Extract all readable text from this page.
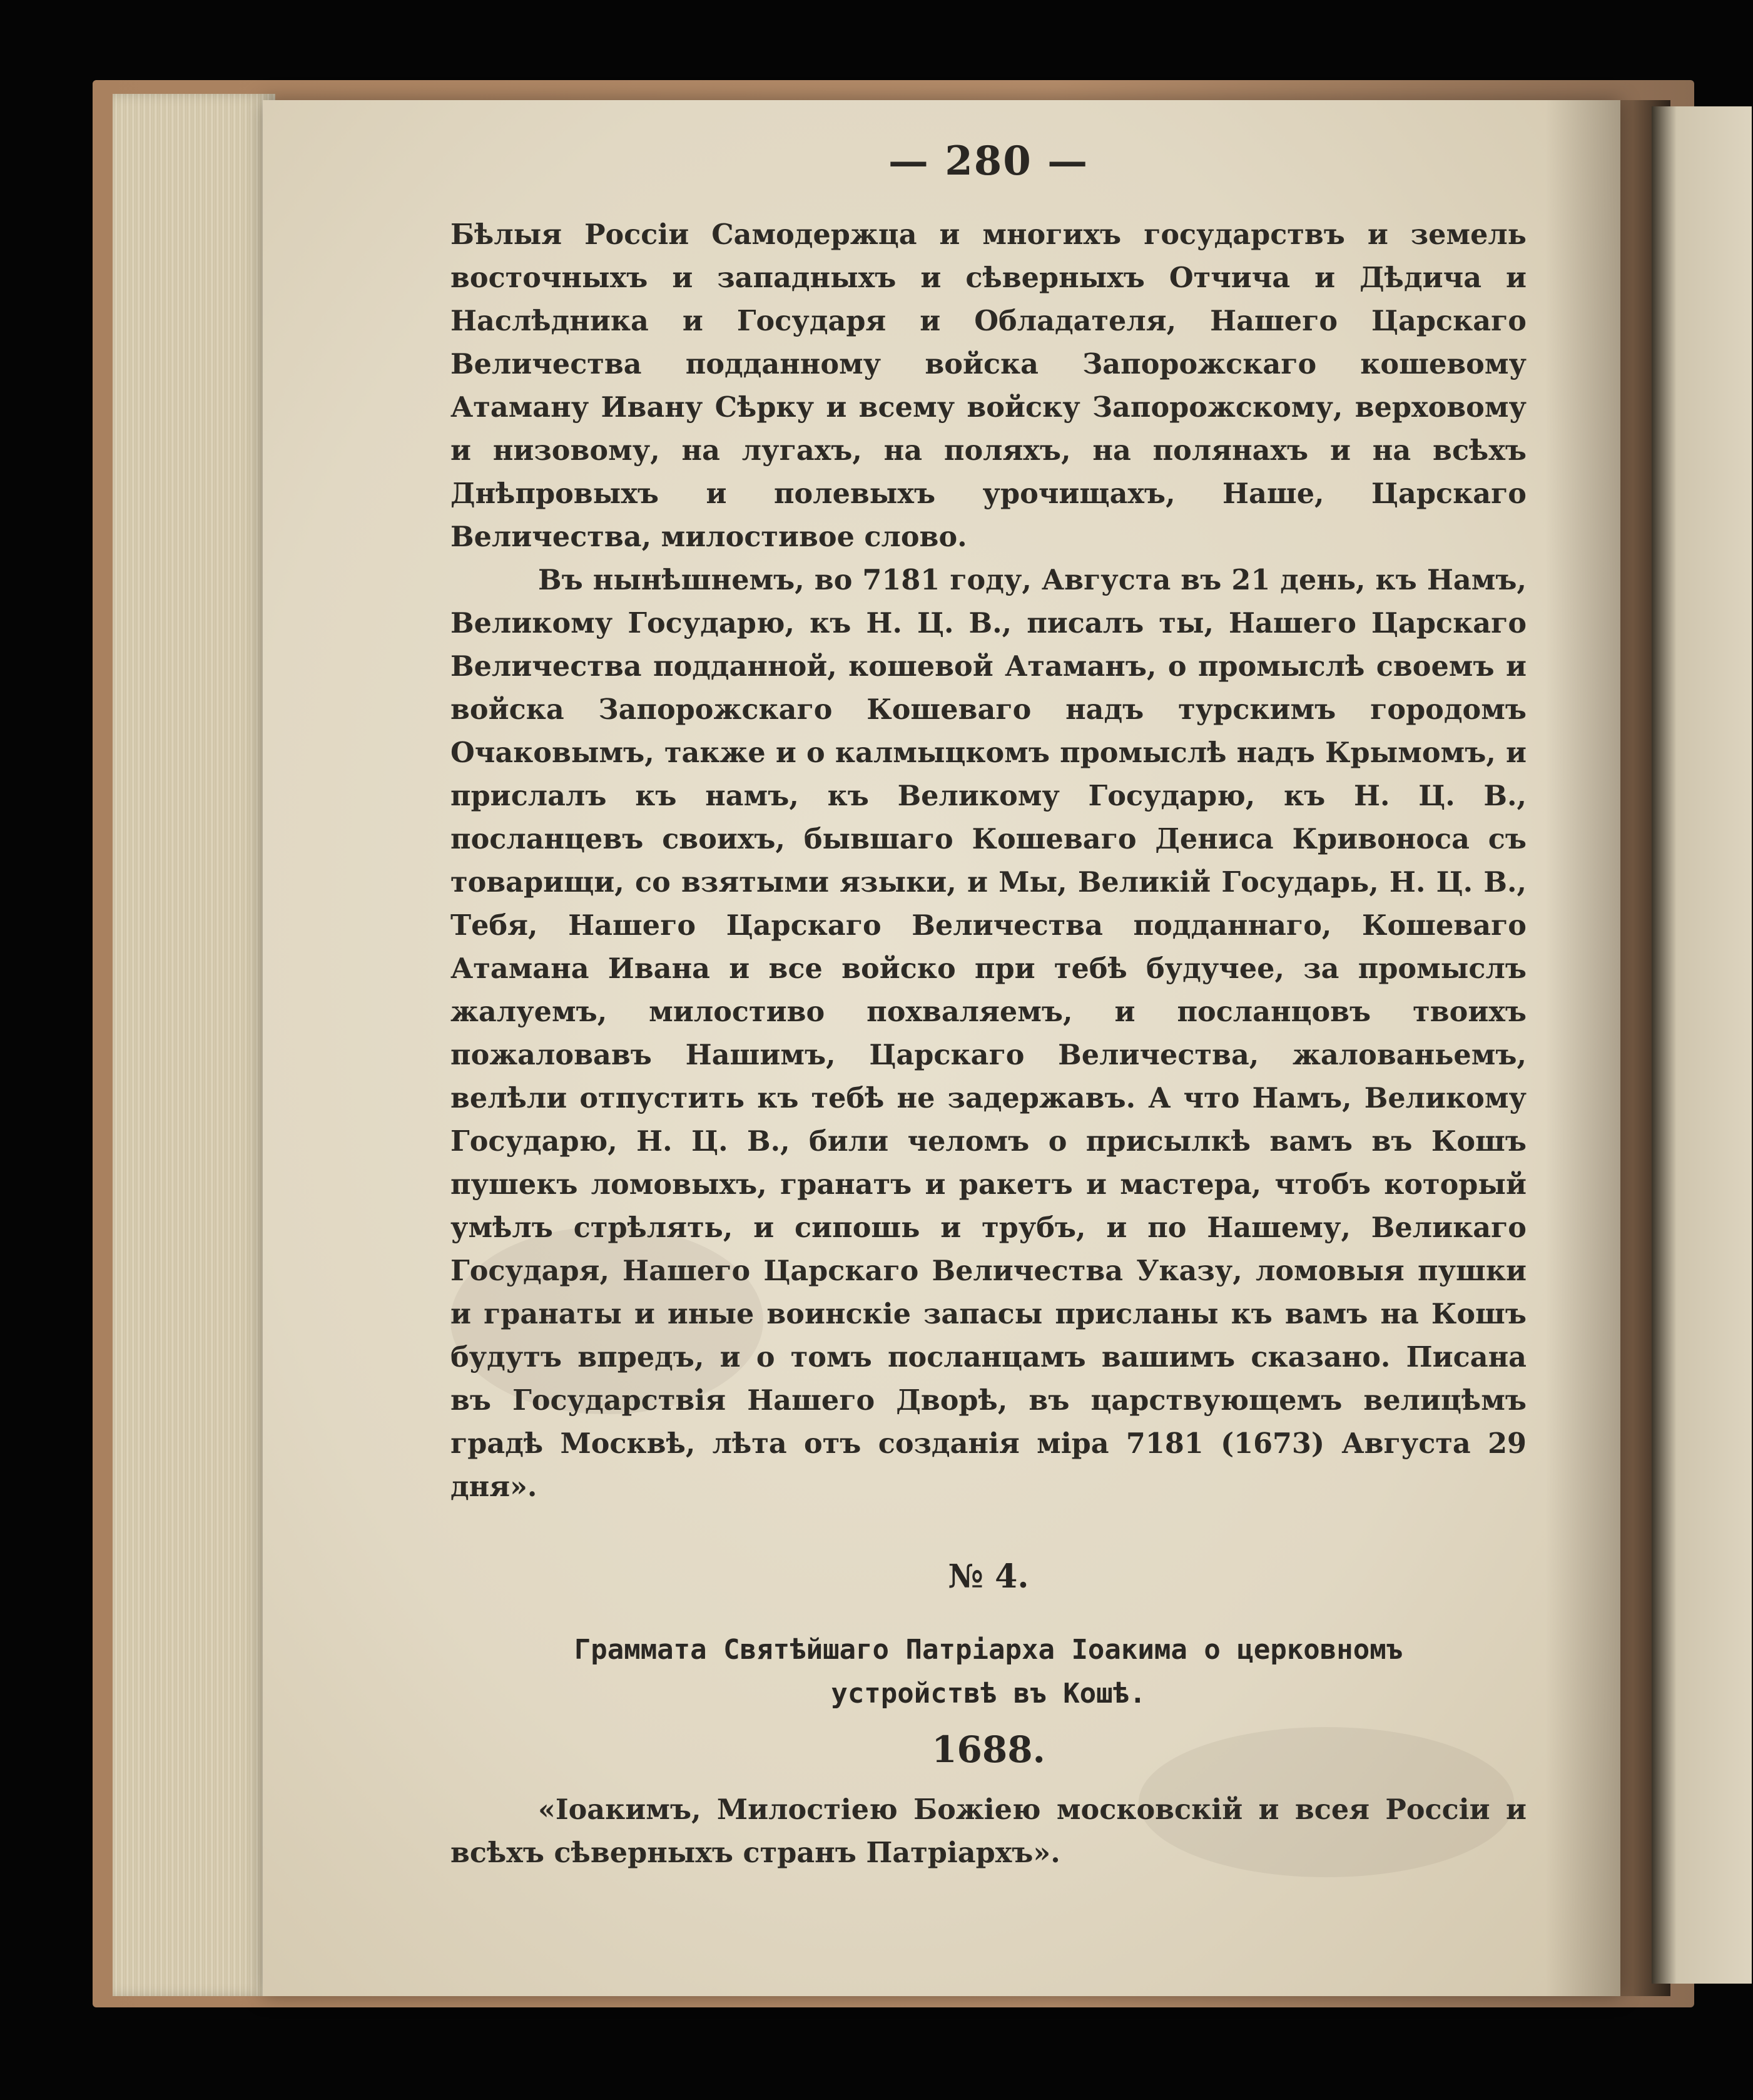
— 280 —

Бѣлыя Россіи Самодержца и многихъ государствъ и земель восточныхъ и западныхъ и сѣверныхъ Отчича и Дѣдича и Наслѣдника и Государя и Обладателя, Нашего Царскаго Величества подданному войска Запорожскаго кошевому Атаману Ивану Сѣрку и всему войску Запорожскому, верховому и низовому, на лугахъ, на поляхъ, на полянахъ и на всѣхъ Днѣпровыхъ и полевыхъ урочищахъ, Наше, Царскаго Величества, милостивое слово.

Въ нынѣшнемъ, во 7181 году, Августа въ 21 день, къ Намъ, Великому Государю, къ Н. Ц. В., писалъ ты, Нашего Царскаго Величества подданной, кошевой Атаманъ, о промыслѣ своемъ и войска Запорожскаго Кошеваго надъ турскимъ городомъ Очаковымъ, также и о калмыцкомъ промыслѣ надъ Крымомъ, и прислалъ къ намъ, къ Великому Государю, къ Н. Ц. В., посланцевъ своихъ, бывшаго Кошеваго Дениса Кривоноса съ товарищи, со взятыми языки, и Мы, Великій Государь, Н. Ц. В., Тебя, Нашего Царскаго Величества подданнаго, Кошеваго Атамана Ивана и все войско при тебѣ будучее, за промыслъ жалуемъ, милостиво похваляемъ, и посланцовъ твоихъ пожаловавъ Нашимъ, Царскаго Величества, жалованьемъ, велѣли отпустить къ тебѣ не задержавъ. А что Намъ, Великому Государю, Н. Ц. В., били челомъ о присылкѣ вамъ въ Кошъ пушекъ ломовыхъ, гранатъ и ракетъ и мастера, чтобъ который умѣлъ стрѣлять, и сипошь и трубъ, и по Нашему, Великаго Государя, Нашего Царскаго Величества Указу, ломовыя пушки и гранаты и иные воинскіе запасы присланы къ вамъ на Кошъ будутъ впредъ, и о томъ посланцамъ вашимъ сказано. Писана въ Государствія Нашего Дворѣ, въ царствующемъ велицѣмъ градѣ Москвѣ, лѣта отъ созданія міра 7181 (1673) Августа 29 дня».

№ 4.
Граммата Святѣйшаго Патріарха Іоакима о церковномъ
устройствѣ въ Кошѣ.
1688.

«Іоакимъ, Милостiею Божіею московскій и всея Россіи и всѣхъ сѣверныхъ странъ Патріархъ».
